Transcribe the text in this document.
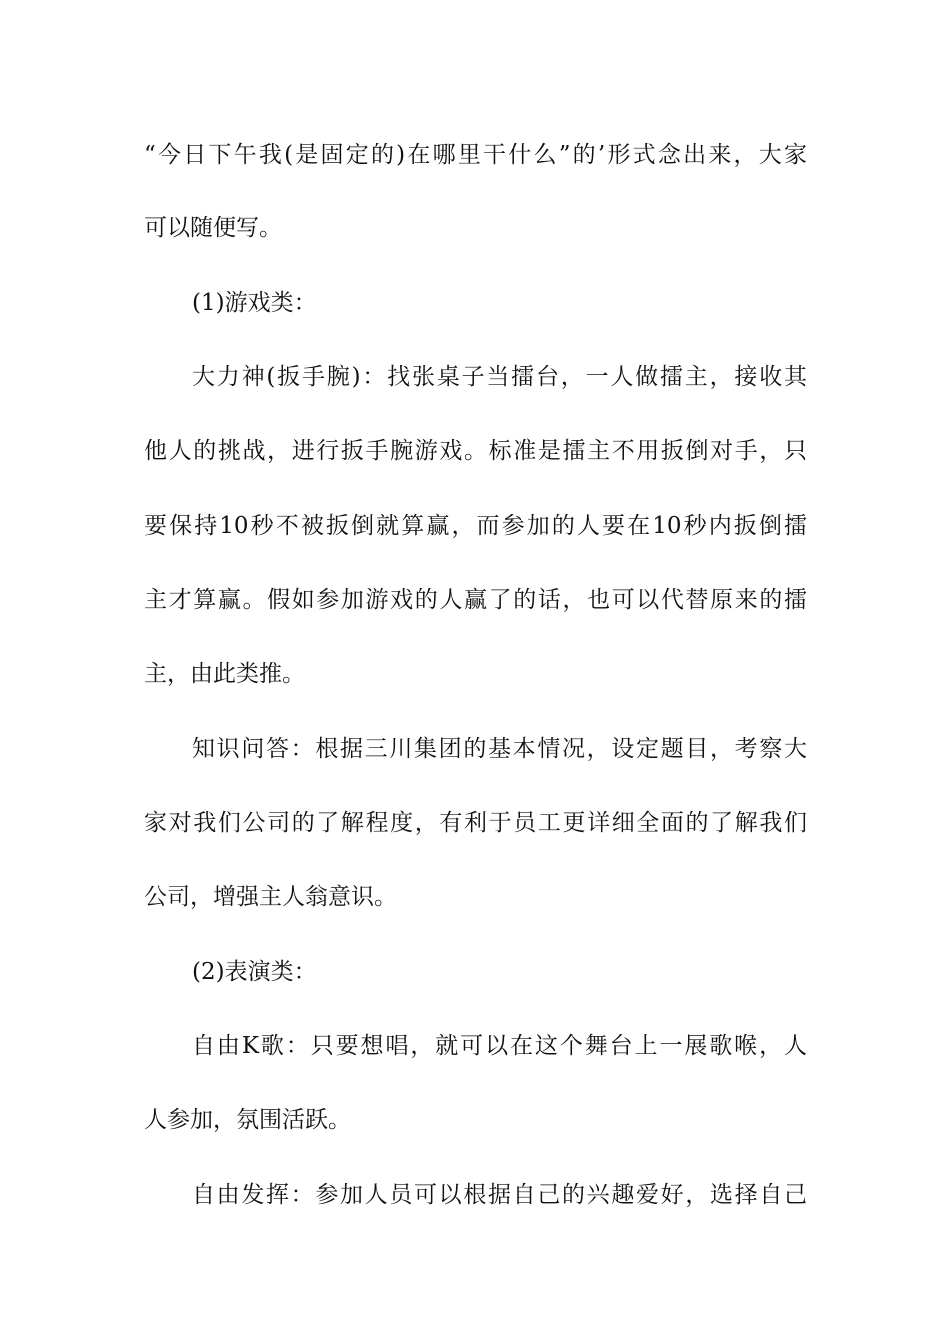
“今日下午我(是固定的)在哪里干什么”的’形式念出来，大家
可以随便写。
(1)游戏类：
大力神(扳手腕)：找张桌子当擂台，一人做擂主，接收其
他人的挑战，进行扳手腕游戏。标准是擂主不用扳倒对手，只
要保持10秒不被扳倒就算赢，而参加的人要在10秒内扳倒擂
主才算赢。假如参加游戏的人赢了的话，也可以代替原来的擂
主，由此类推。
知识问答：根据三川集团的基本情况，设定题目，考察大
家对我们公司的了解程度，有利于员工更详细全面的了解我们
公司，增强主人翁意识。
(2)表演类：
自由K歌：只要想唱，就可以在这个舞台上一展歌喉，人
人参加，氛围活跃。
自由发挥：参加人员可以根据自己的兴趣爱好，选择自己
